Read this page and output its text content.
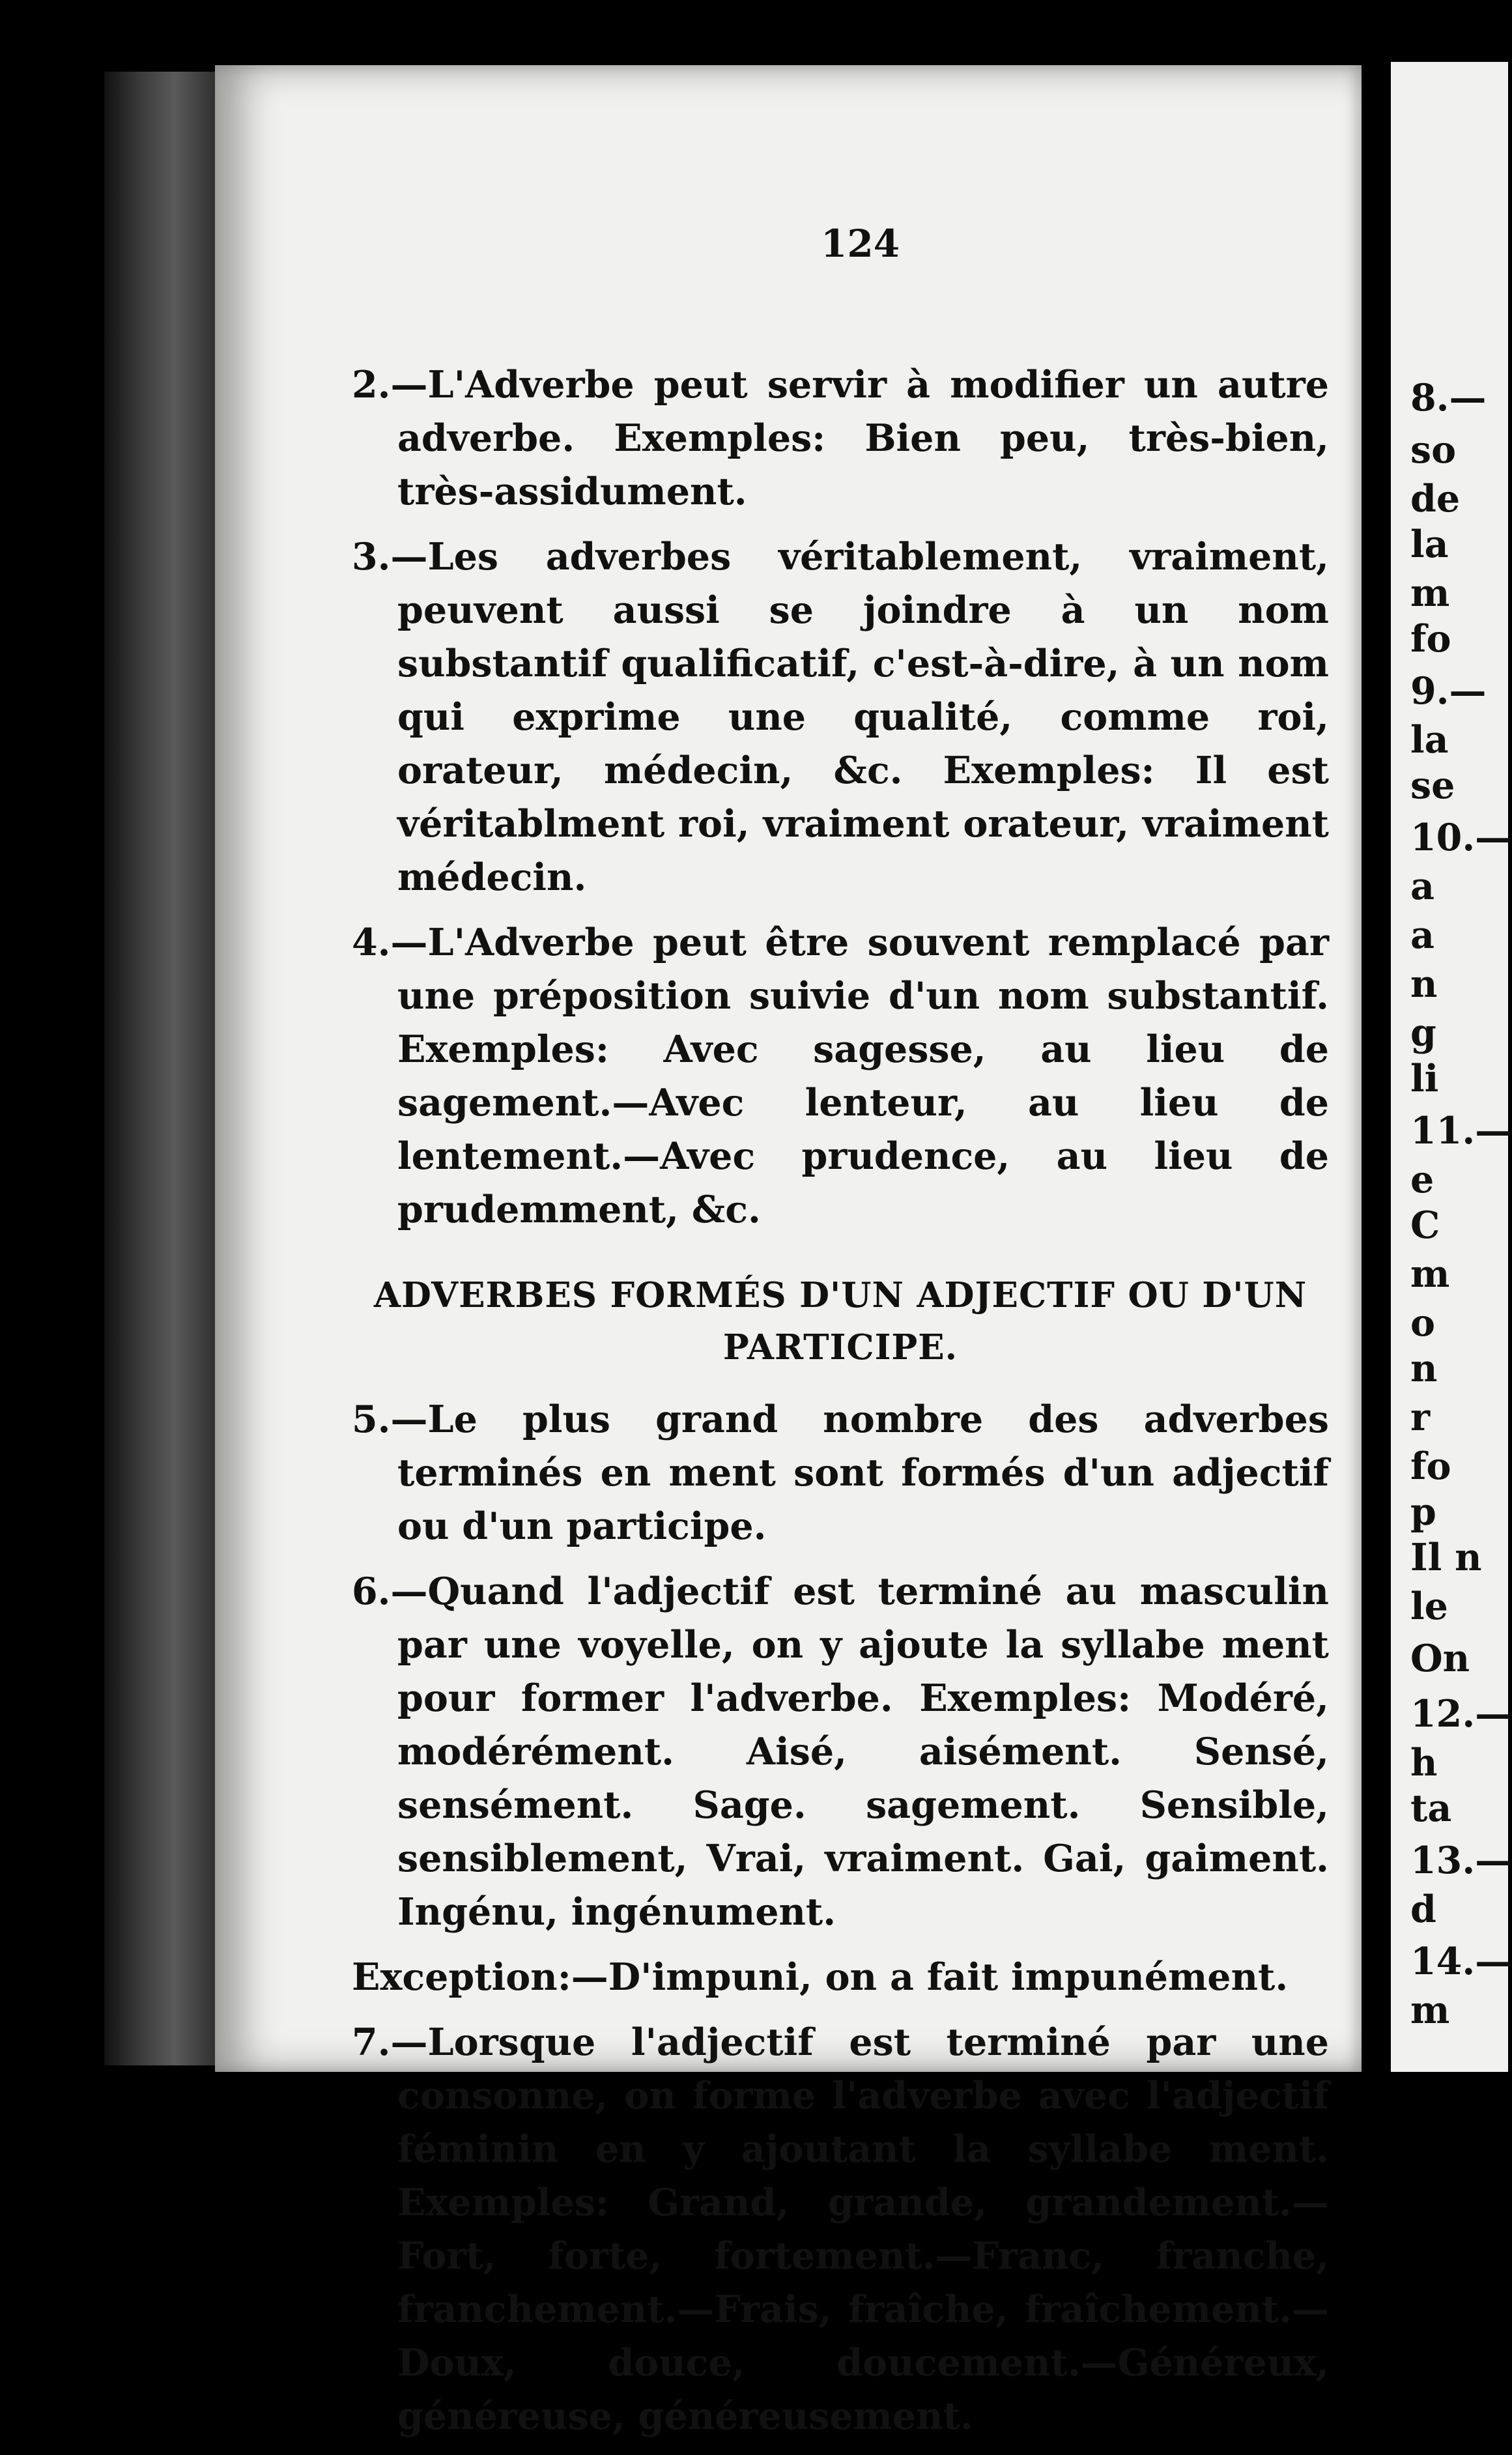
124

2.—L'Adverbe peut servir à modifier un autre adverbe. Exemples: Bien peu, très-bien, très-assidument.

3.—Les adverbes véritablement, vraiment, peuvent aussi se joindre à un nom substantif qualificatif, c'est-à-dire, à un nom qui exprime une qualité, comme roi, orateur, médecin, &c. Exemples: Il est véritablment roi, vraiment orateur, vraiment médecin.

4.—L'Adverbe peut être souvent remplacé par une préposition suivie d'un nom substantif. Exemples: Avec sagesse, au lieu de sagement.—Avec lenteur, au lieu de lentement.—Avec prudence, au lieu de prudemment, &c.

ADVERBES FORMÉS D'UN ADJECTIF OU D'UN PARTICIPE.

5.—Le plus grand nombre des adverbes terminés en ment sont formés d'un adjectif ou d'un participe.

6.—Quand l'adjectif est terminé au masculin par une voyelle, on y ajoute la syllabe ment pour former l'adverbe. Exemples: Modéré, modérément. Aisé, aisément. Sensé, sensément. Sage. sagement. Sensible, sensiblement, Vrai, vraiment. Gai, gaiment. Ingénu, ingénument.

Exception:—D'impuni, on a fait impunément.

7.—Lorsque l'adjectif est terminé par une consonne, on forme l'adverbe avec l'adjectif féminin en y ajoutant la syllabe ment. Exemples: Grand, grande, grandement.—Fort, forte, fortement.—Franc, franche, franchement.—Frais, fraîche, fraîchement.—Doux, douce, doucement.—Généreux, généreuse, généreusement.

8.—
so
de
la
m
fo
9.—
la
se
10.—
a
a
n
g
li
11.—
e
C
m
o
n
r
fo
p
Il n
le
On
12.—
h
ta
13.—
d
14.—
m
